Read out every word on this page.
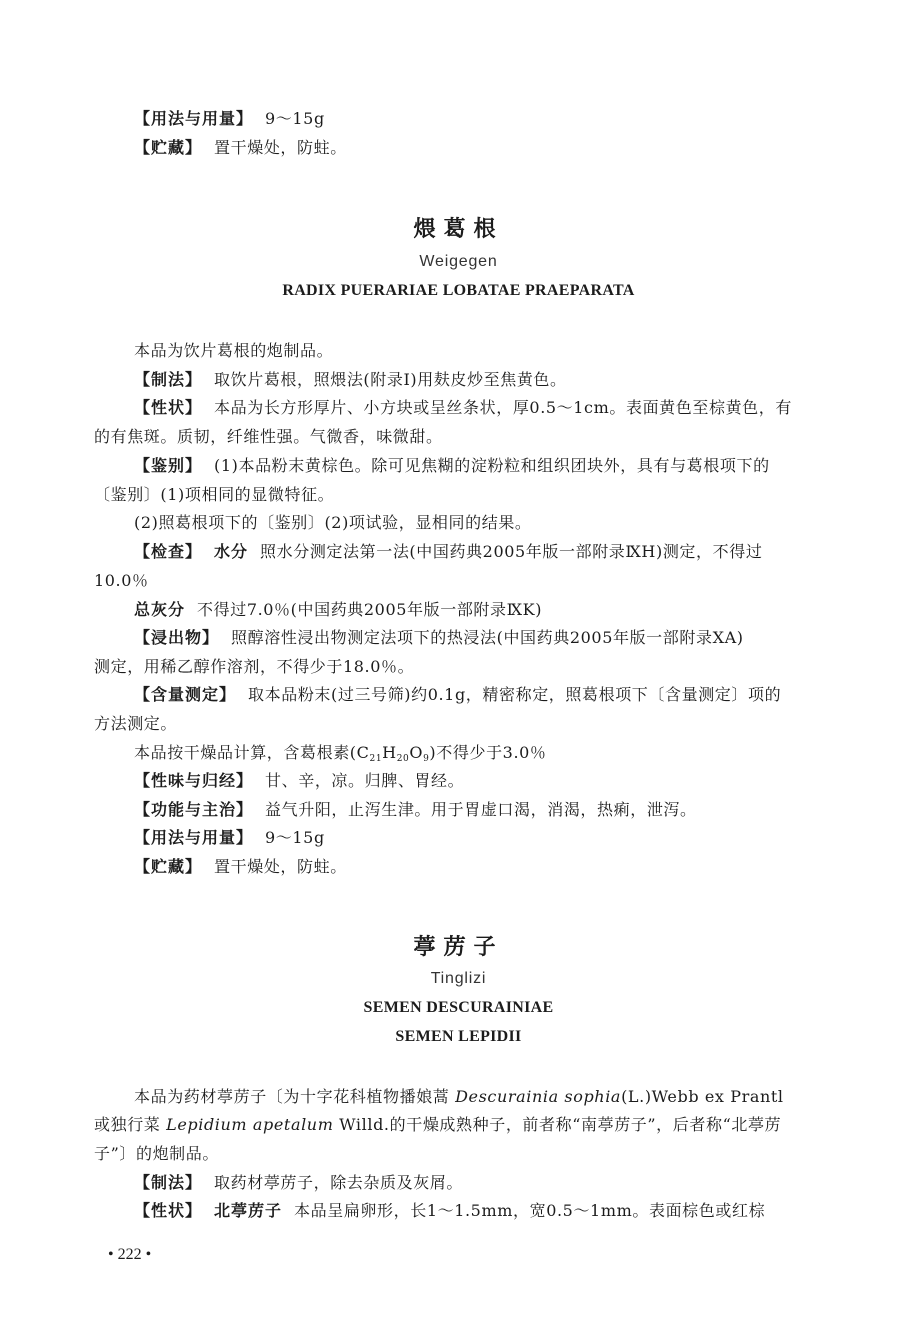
【用法与用量】 9～15g
【贮藏】 置干燥处，防蛀。
煨葛根
Weigegen
RADIX PUERARIAE LOBATAE PRAEPARATA
本品为饮片葛根的炮制品。
【制法】 取饮片葛根，照煨法(附录Ⅰ)用麸皮炒至焦黄色。
【性状】 本品为长方形厚片、小方块或呈丝条状，厚0.5～1cm。表面黄色至棕黄色，有
的有焦斑。质韧，纤维性强。气微香，味微甜。
【鉴别】 (1)本品粉末黄棕色。除可见焦糊的淀粉粒和组织团块外，具有与葛根项下的
〔鉴别〕(1)项相同的显微特征。
(2)照葛根项下的〔鉴别〕(2)项试验，显相同的结果。
【检查】 水分 照水分测定法第一法(中国药典2005年版一部附录ⅨH)测定，不得过
10.0％
总灰分 不得过7.0％(中国药典2005年版一部附录ⅨK)
【浸出物】 照醇溶性浸出物测定法项下的热浸法(中国药典2005年版一部附录ⅩA)
测定，用稀乙醇作溶剂，不得少于18.0％。
【含量测定】 取本品粉末(过三号筛)约0.1g，精密称定，照葛根项下〔含量测定〕项的
方法测定。
本品按干燥品计算，含葛根素(C21H20O9)不得少于3.0％
【性味与归经】 甘、辛，凉。归脾、胃经。
【功能与主治】 益气升阳，止泻生津。用于胃虚口渴，消渴，热痢，泄泻。
【用法与用量】 9～15g
【贮藏】 置干燥处，防蛀。
葶苈子
Tinglizi
SEMEN DESCURAINIAE
SEMEN LEPIDII
本品为药材葶苈子〔为十字花科植物播娘蒿 Descurainia sophia(L.)Webb ex Prantl
或独行菜 Lepidium apetalum Willd.的干燥成熟种子，前者称“南葶苈子”，后者称“北葶苈
子”〕的炮制品。
【制法】 取药材葶苈子，除去杂质及灰屑。
【性状】 北葶苈子 本品呈扁卵形，长1～1.5mm，宽0.5～1mm。表面棕色或红棕
• 222 •
